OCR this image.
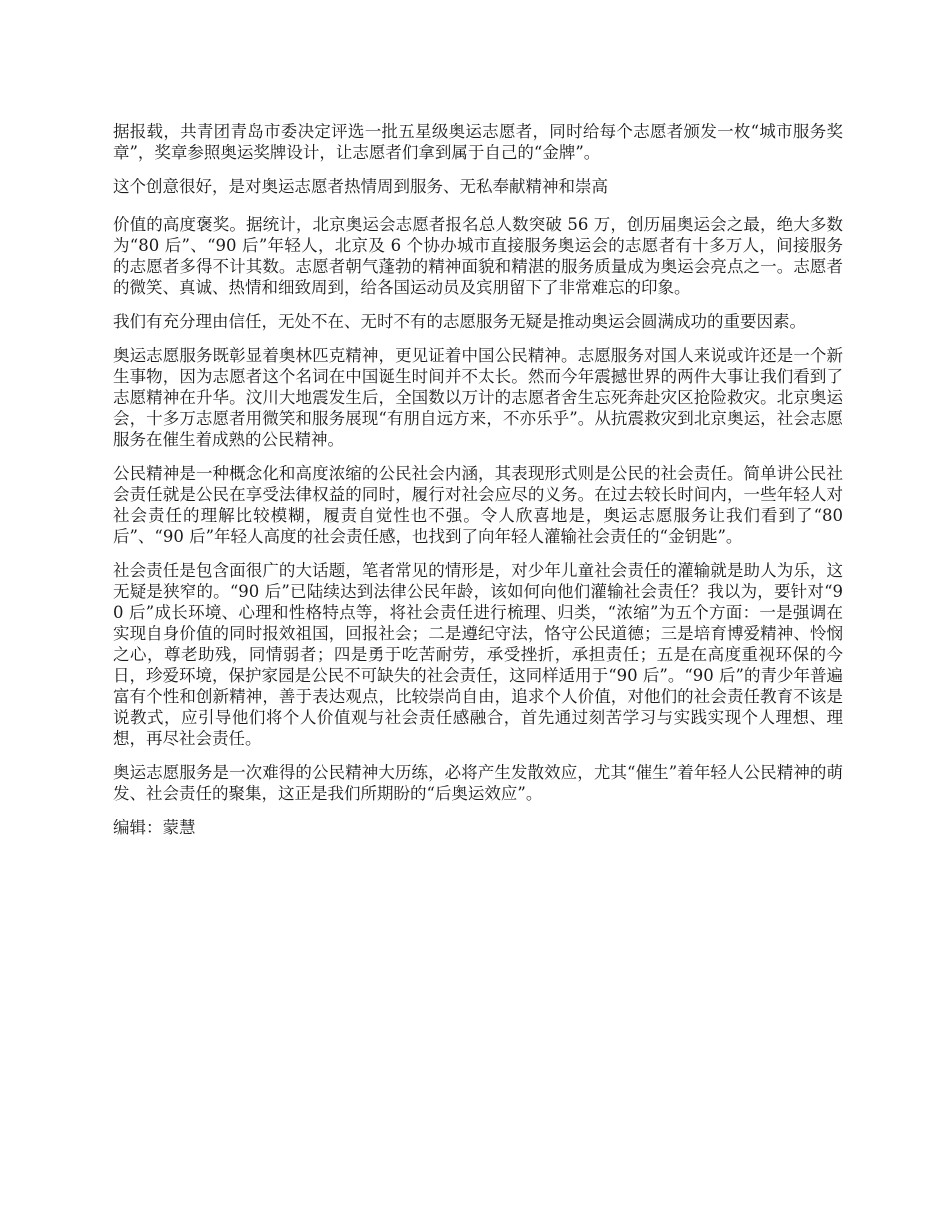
据报载，共青团青岛市委决定评选一批五星级奥运志愿者，同时给每个志愿者颁发一枚“城市服务奖章”，奖章参照奥运奖牌设计，让志愿者们拿到属于自己的“金牌”。

这个创意很好，是对奥运志愿者热情周到服务、无私奉献精神和崇高

价值的高度褒奖。据统计，北京奥运会志愿者报名总人数突破 56 万，创历届奥运会之最，绝大多数为“80 后”、“90 后”年轻人，北京及 6 个协办城市直接服务奥运会的志愿者有十多万人，间接服务的志愿者多得不计其数。志愿者朝气蓬勃的精神面貌和精湛的服务质量成为奥运会亮点之一。志愿者的微笑、真诚、热情和细致周到，给各国运动员及宾朋留下了非常难忘的印象。

我们有充分理由信任，无处不在、无时不有的志愿服务无疑是推动奥运会圆满成功的重要因素。

奥运志愿服务既彰显着奥林匹克精神，更见证着中国公民精神。志愿服务对国人来说或许还是一个新生事物，因为志愿者这个名词在中国诞生时间并不太长。然而今年震撼世界的两件大事让我们看到了志愿精神在升华。汶川大地震发生后，全国数以万计的志愿者舍生忘死奔赴灾区抢险救灾。北京奥运会，十多万志愿者用微笑和服务展现“有朋自远方来，不亦乐乎”。从抗震救灾到北京奥运，社会志愿服务在催生着成熟的公民精神。

公民精神是一种概念化和高度浓缩的公民社会内涵，其表现形式则是公民的社会责任。简单讲公民社会责任就是公民在享受法律权益的同时，履行对社会应尽的义务。在过去较长时间内，一些年轻人对社会责任的理解比较模糊，履责自觉性也不强。令人欣喜地是，奥运志愿服务让我们看到了“80 后”、“90 后”年轻人高度的社会责任感，也找到了向年轻人灌输社会责任的“金钥匙”。

社会责任是包含面很广的大话题，笔者常见的情形是，对少年儿童社会责任的灌输就是助人为乐，这无疑是狭窄的。“90 后”已陆续达到法律公民年龄，该如何向他们灌输社会责任？我以为，要针对“90 后”成长环境、心理和性格特点等，将社会责任进行梳理、归类，“浓缩”为五个方面：一是强调在实现自身价值的同时报效祖国，回报社会；二是遵纪守法，恪守公民道德；三是培育博爱精神、怜悯之心，尊老助残，同情弱者；四是勇于吃苦耐劳，承受挫折，承担责任；五是在高度重视环保的今日，珍爱环境，保护家园是公民不可缺失的社会责任，这同样适用于“90 后”。“90 后”的青少年普遍富有个性和创新精神，善于表达观点，比较崇尚自由，追求个人价值，对他们的社会责任教育不该是说教式，应引导他们将个人价值观与社会责任感融合，首先通过刻苦学习与实践实现个人理想、理想，再尽社会责任。

奥运志愿服务是一次难得的公民精神大历练，必将产生发散效应，尤其“催生”着年轻人公民精神的萌发、社会责任的聚集，这正是我们所期盼的“后奥运效应”。

编辑：蒙慧
